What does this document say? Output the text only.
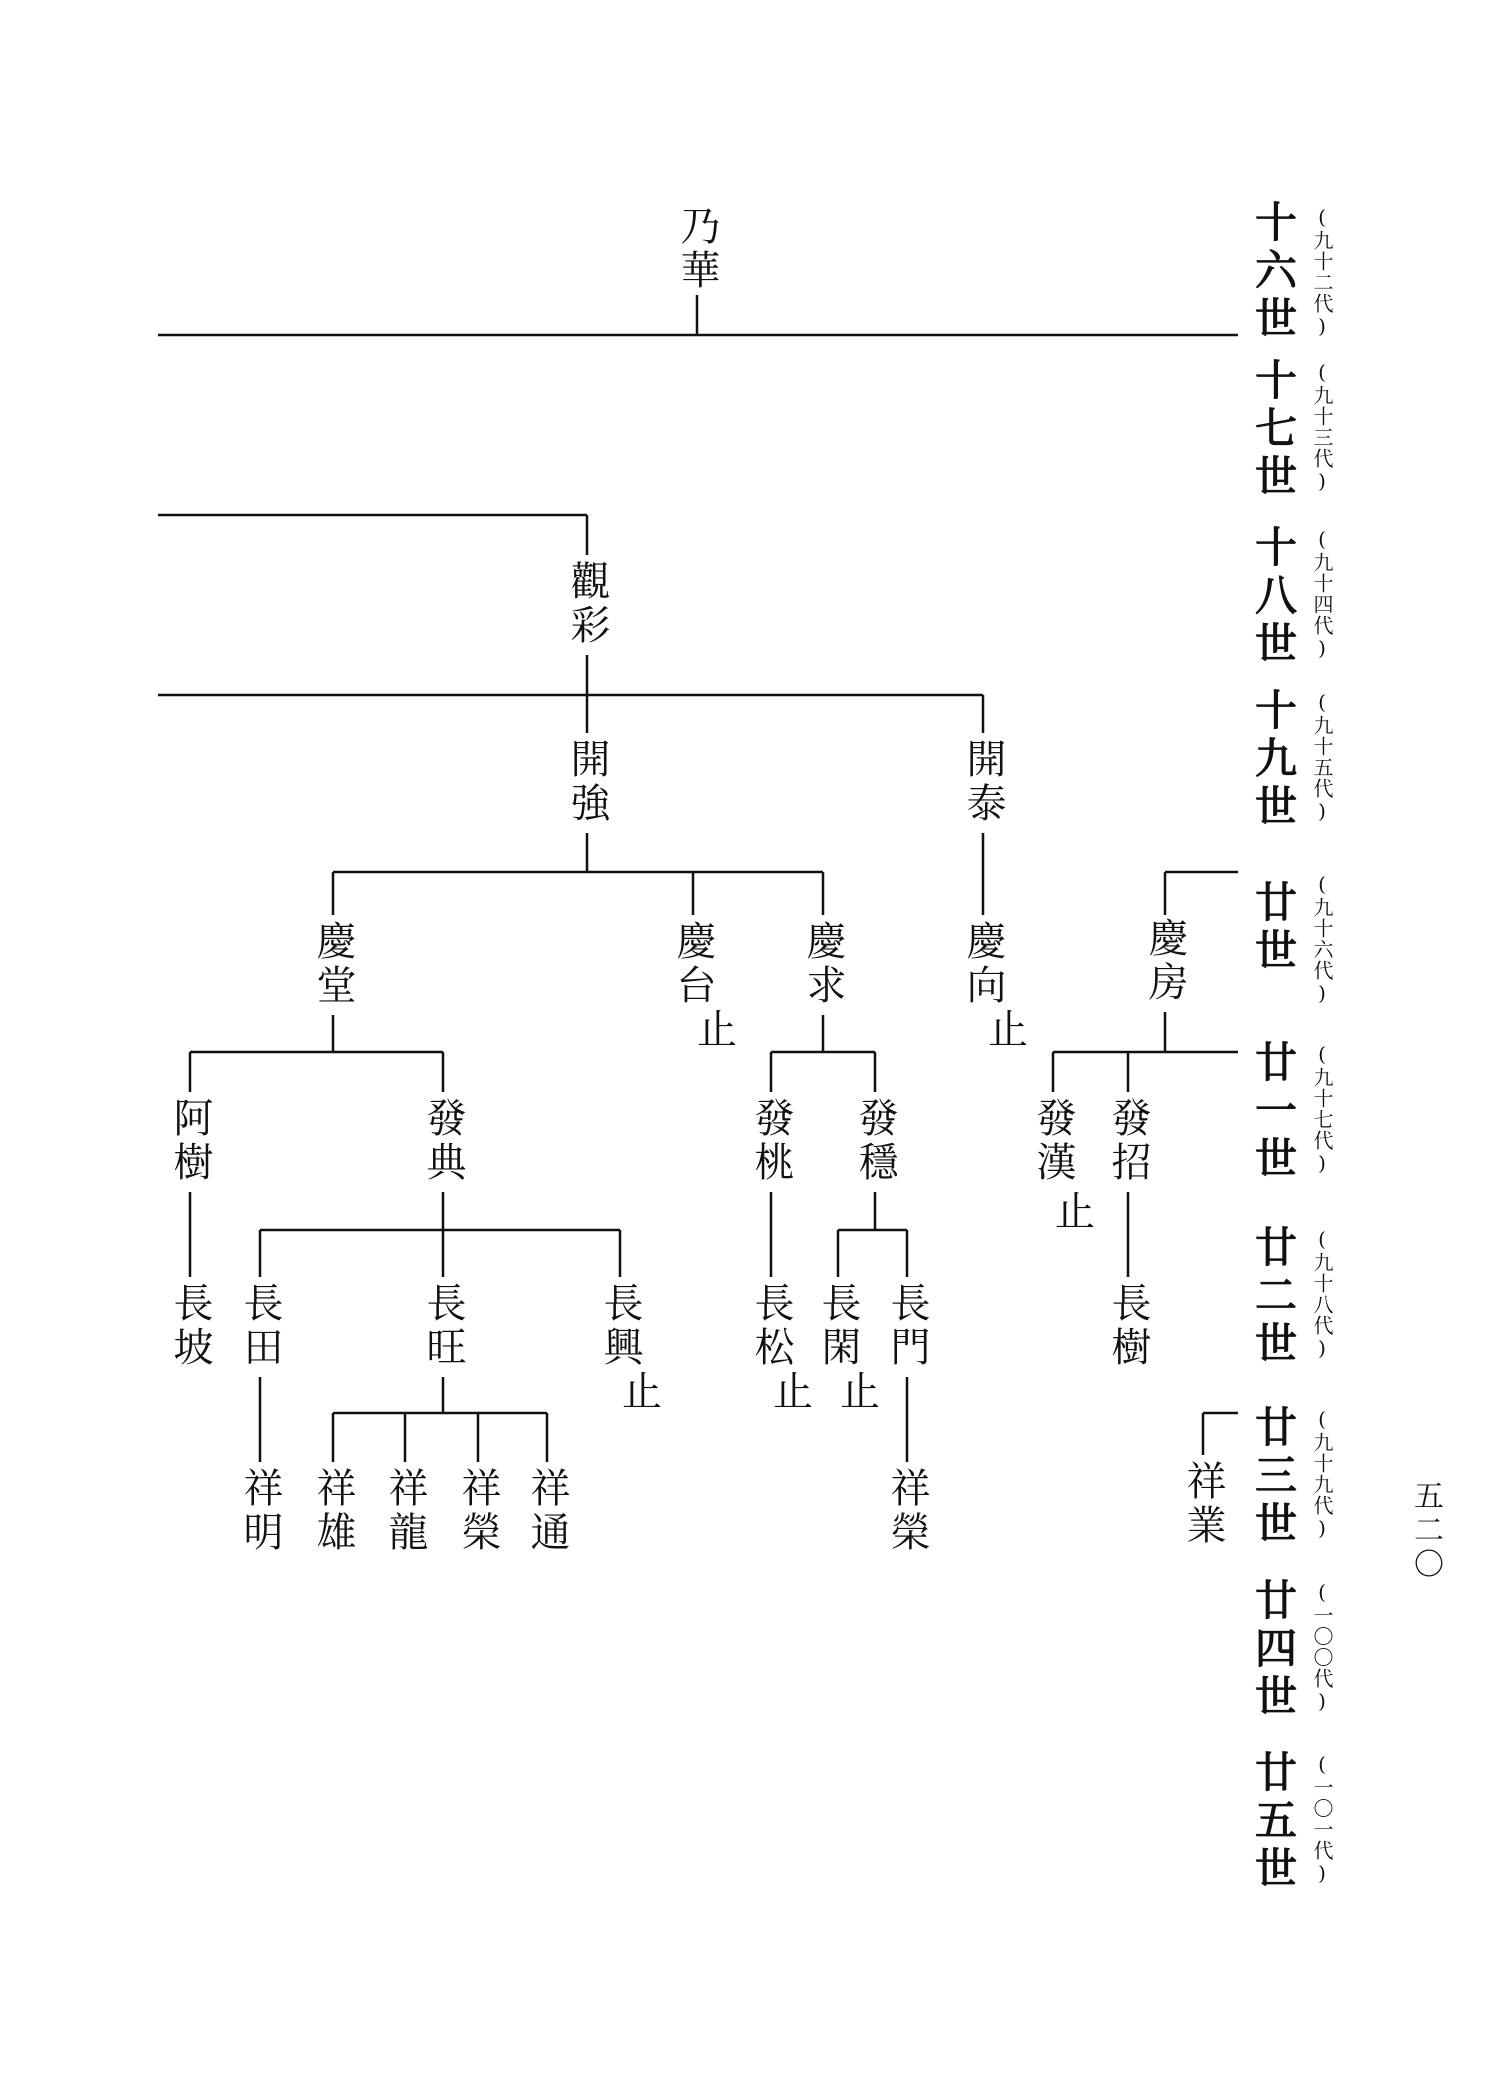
乃華
觀彩
開強	開泰
慶堂	慶台
止
慶求	慶向
止
慶房
阿樹	發典	發桃 發穩	發漢
止
發招
長坡 長田	長旺	長興
止
長松
止
長閑
止
長門	長樹
祥明 祥雄 祥龍 祥榮 祥通	祥榮	祥業
十六世 (九十二代)
十七世 (九十三代)
十八世 (九十四代)
十九世 (九十五代)
廿世 (九十六代)
廿一世 (九十七代)
廿二世 (九十八代)
廿三世 (九十九代)
廿四世 (一〇〇代)
廿五世 (一〇一代)
五二〇
